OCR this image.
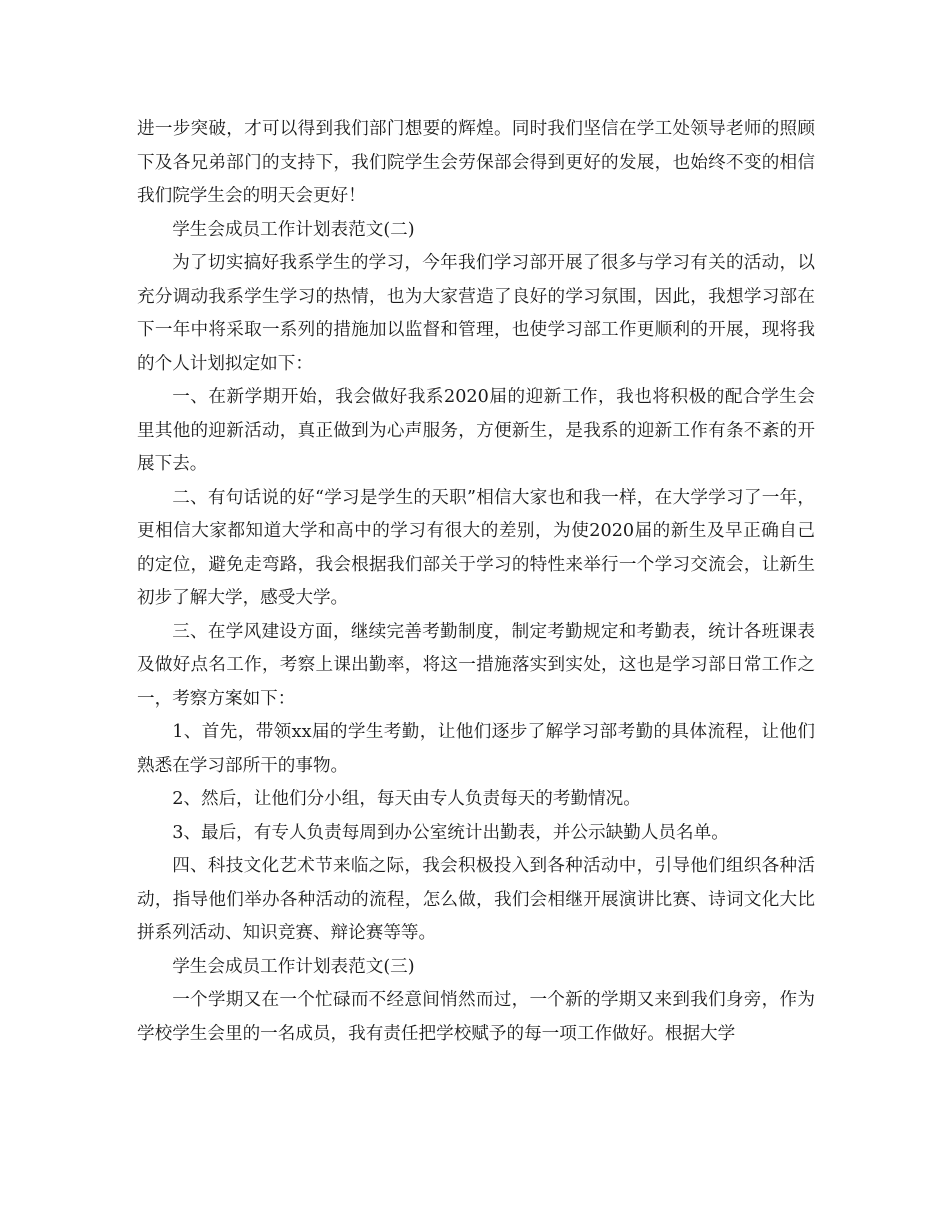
进一步突破，才可以得到我们部门想要的辉煌。同时我们坚信在学工处领导老师的照顾下及各兄弟部门的支持下，我们院学生会劳保部会得到更好的发展，也始终不变的相信我们院学生会的明天会更好！

学生会成员工作计划表范文(二)

为了切实搞好我系学生的学习，今年我们学习部开展了很多与学习有关的活动，以充分调动我系学生学习的热情，也为大家营造了良好的学习氛围，因此，我想学习部在下一年中将采取一系列的措施加以监督和管理，也使学习部工作更顺利的开展，现将我的个人计划拟定如下：

一、在新学期开始，我会做好我系2020届的迎新工作，我也将积极的配合学生会里其他的迎新活动，真正做到为心声服务，方便新生，是我系的迎新工作有条不紊的开展下去。

二、有句话说的好“学习是学生的天职”相信大家也和我一样，在大学学习了一年，更相信大家都知道大学和高中的学习有很大的差别，为使2020届的新生及早正确自己的定位，避免走弯路，我会根据我们部关于学习的特性来举行一个学习交流会，让新生初步了解大学，感受大学。

三、在学风建设方面，继续完善考勤制度，制定考勤规定和考勤表，统计各班课表及做好点名工作，考察上课出勤率，将这一措施落实到实处，这也是学习部日常工作之一，考察方案如下：

1、首先，带领xx届的学生考勤，让他们逐步了解学习部考勤的具体流程，让他们熟悉在学习部所干的事物。

2、然后，让他们分小组，每天由专人负责每天的考勤情况。

3、最后，有专人负责每周到办公室统计出勤表，并公示缺勤人员名单。

四、科技文化艺术节来临之际，我会积极投入到各种活动中，引导他们组织各种活动，指导他们举办各种活动的流程，怎么做，我们会相继开展演讲比赛、诗词文化大比拼系列活动、知识竞赛、辩论赛等等。

学生会成员工作计划表范文(三)

一个学期又在一个忙碌而不经意间悄然而过，一个新的学期又来到我们身旁，作为学校学生会里的一名成员，我有责任把学校赋予的每一项工作做好。根据大学
